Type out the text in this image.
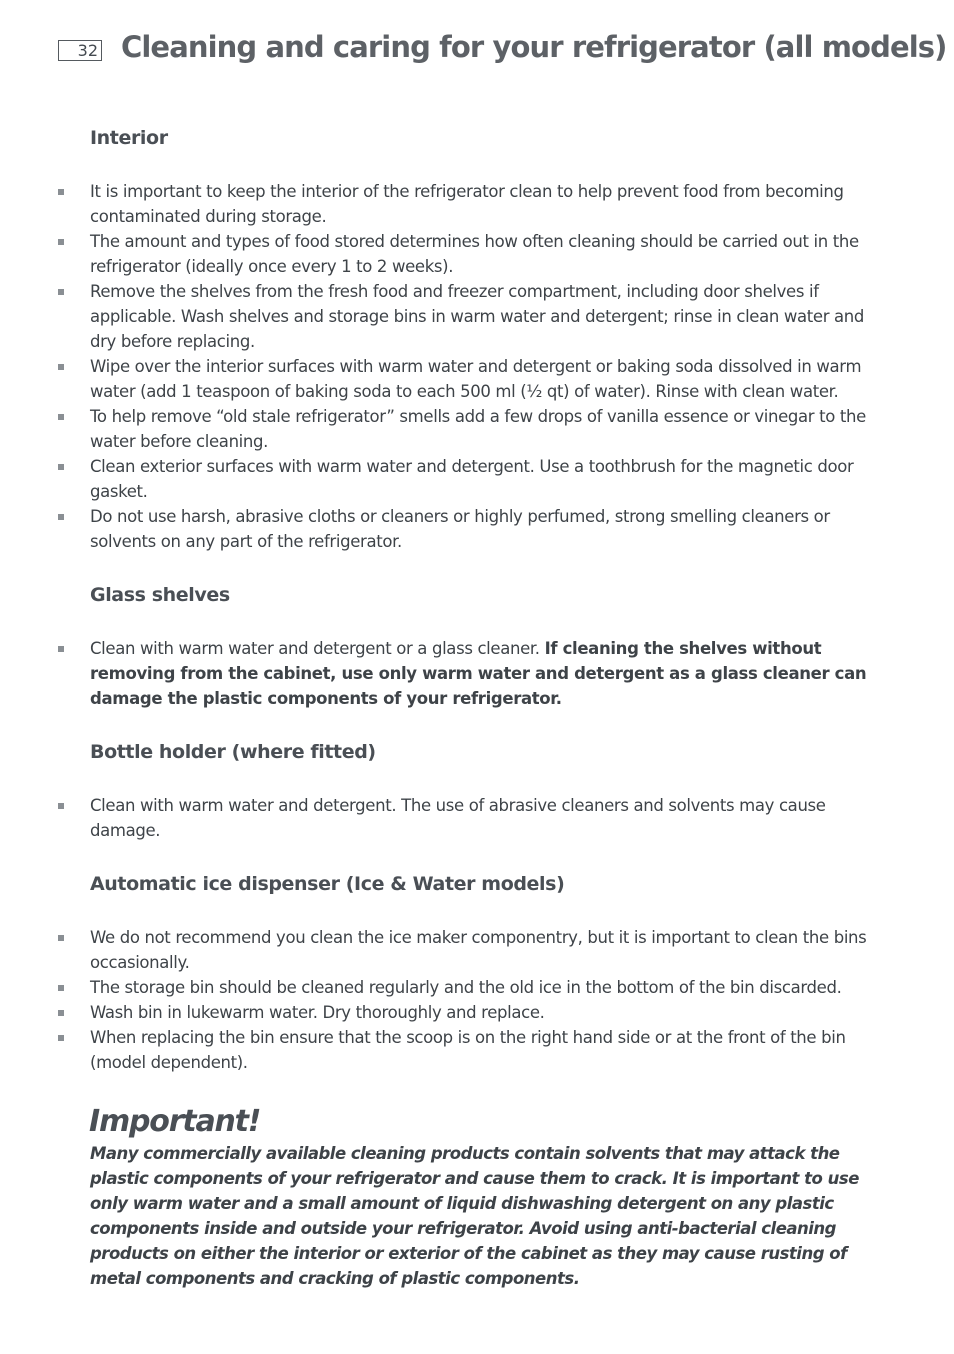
32 Cleaning and caring for your refrigerator (all models)
Interior
It is important to keep the interior of the refrigerator clean to help prevent food from becoming contaminated during storage.
The amount and types of food stored determines how often cleaning should be carried out in the refrigerator (ideally once every 1 to 2 weeks).
Remove the shelves from the fresh food and freezer compartment, including door shelves if applicable. Wash shelves and storage bins in warm water and detergent; rinse in clean water and dry before replacing.
Wipe over the interior surfaces with warm water and detergent or baking soda dissolved in warm water (add 1 teaspoon of baking soda to each 500 ml (½ qt) of water). Rinse with clean water.
To help remove “old stale refrigerator” smells add a few drops of vanilla essence or vinegar to the water before cleaning.
Clean exterior surfaces with warm water and detergent. Use a toothbrush for the magnetic door gasket.
Do not use harsh, abrasive cloths or cleaners or highly perfumed, strong smelling cleaners or solvents on any part of the refrigerator.
Glass shelves
Clean with warm water and detergent or a glass cleaner. If cleaning the shelves without removing from the cabinet, use only warm water and detergent as a glass cleaner can damage the plastic components of your refrigerator.
Bottle holder (where fitted)
Clean with warm water and detergent. The use of abrasive cleaners and solvents may cause damage.
Automatic ice dispenser (Ice & Water models)
We do not recommend you clean the ice maker componentry, but it is important to clean the bins occasionally.
The storage bin should be cleaned regularly and the old ice in the bottom of the bin discarded.
Wash bin in lukewarm water. Dry thoroughly and replace.
When replacing the bin ensure that the scoop is on the right hand side or at the front of the bin (model dependent).
Important!

Many commercially available cleaning products contain solvents that may attack the plastic components of your refrigerator and cause them to crack. It is important to use only warm water and a small amount of liquid dishwashing detergent on any plastic components inside and outside your refrigerator. Avoid using anti-bacterial cleaning products on either the interior or exterior of the cabinet as they may cause rusting of metal components and cracking of plastic components.
